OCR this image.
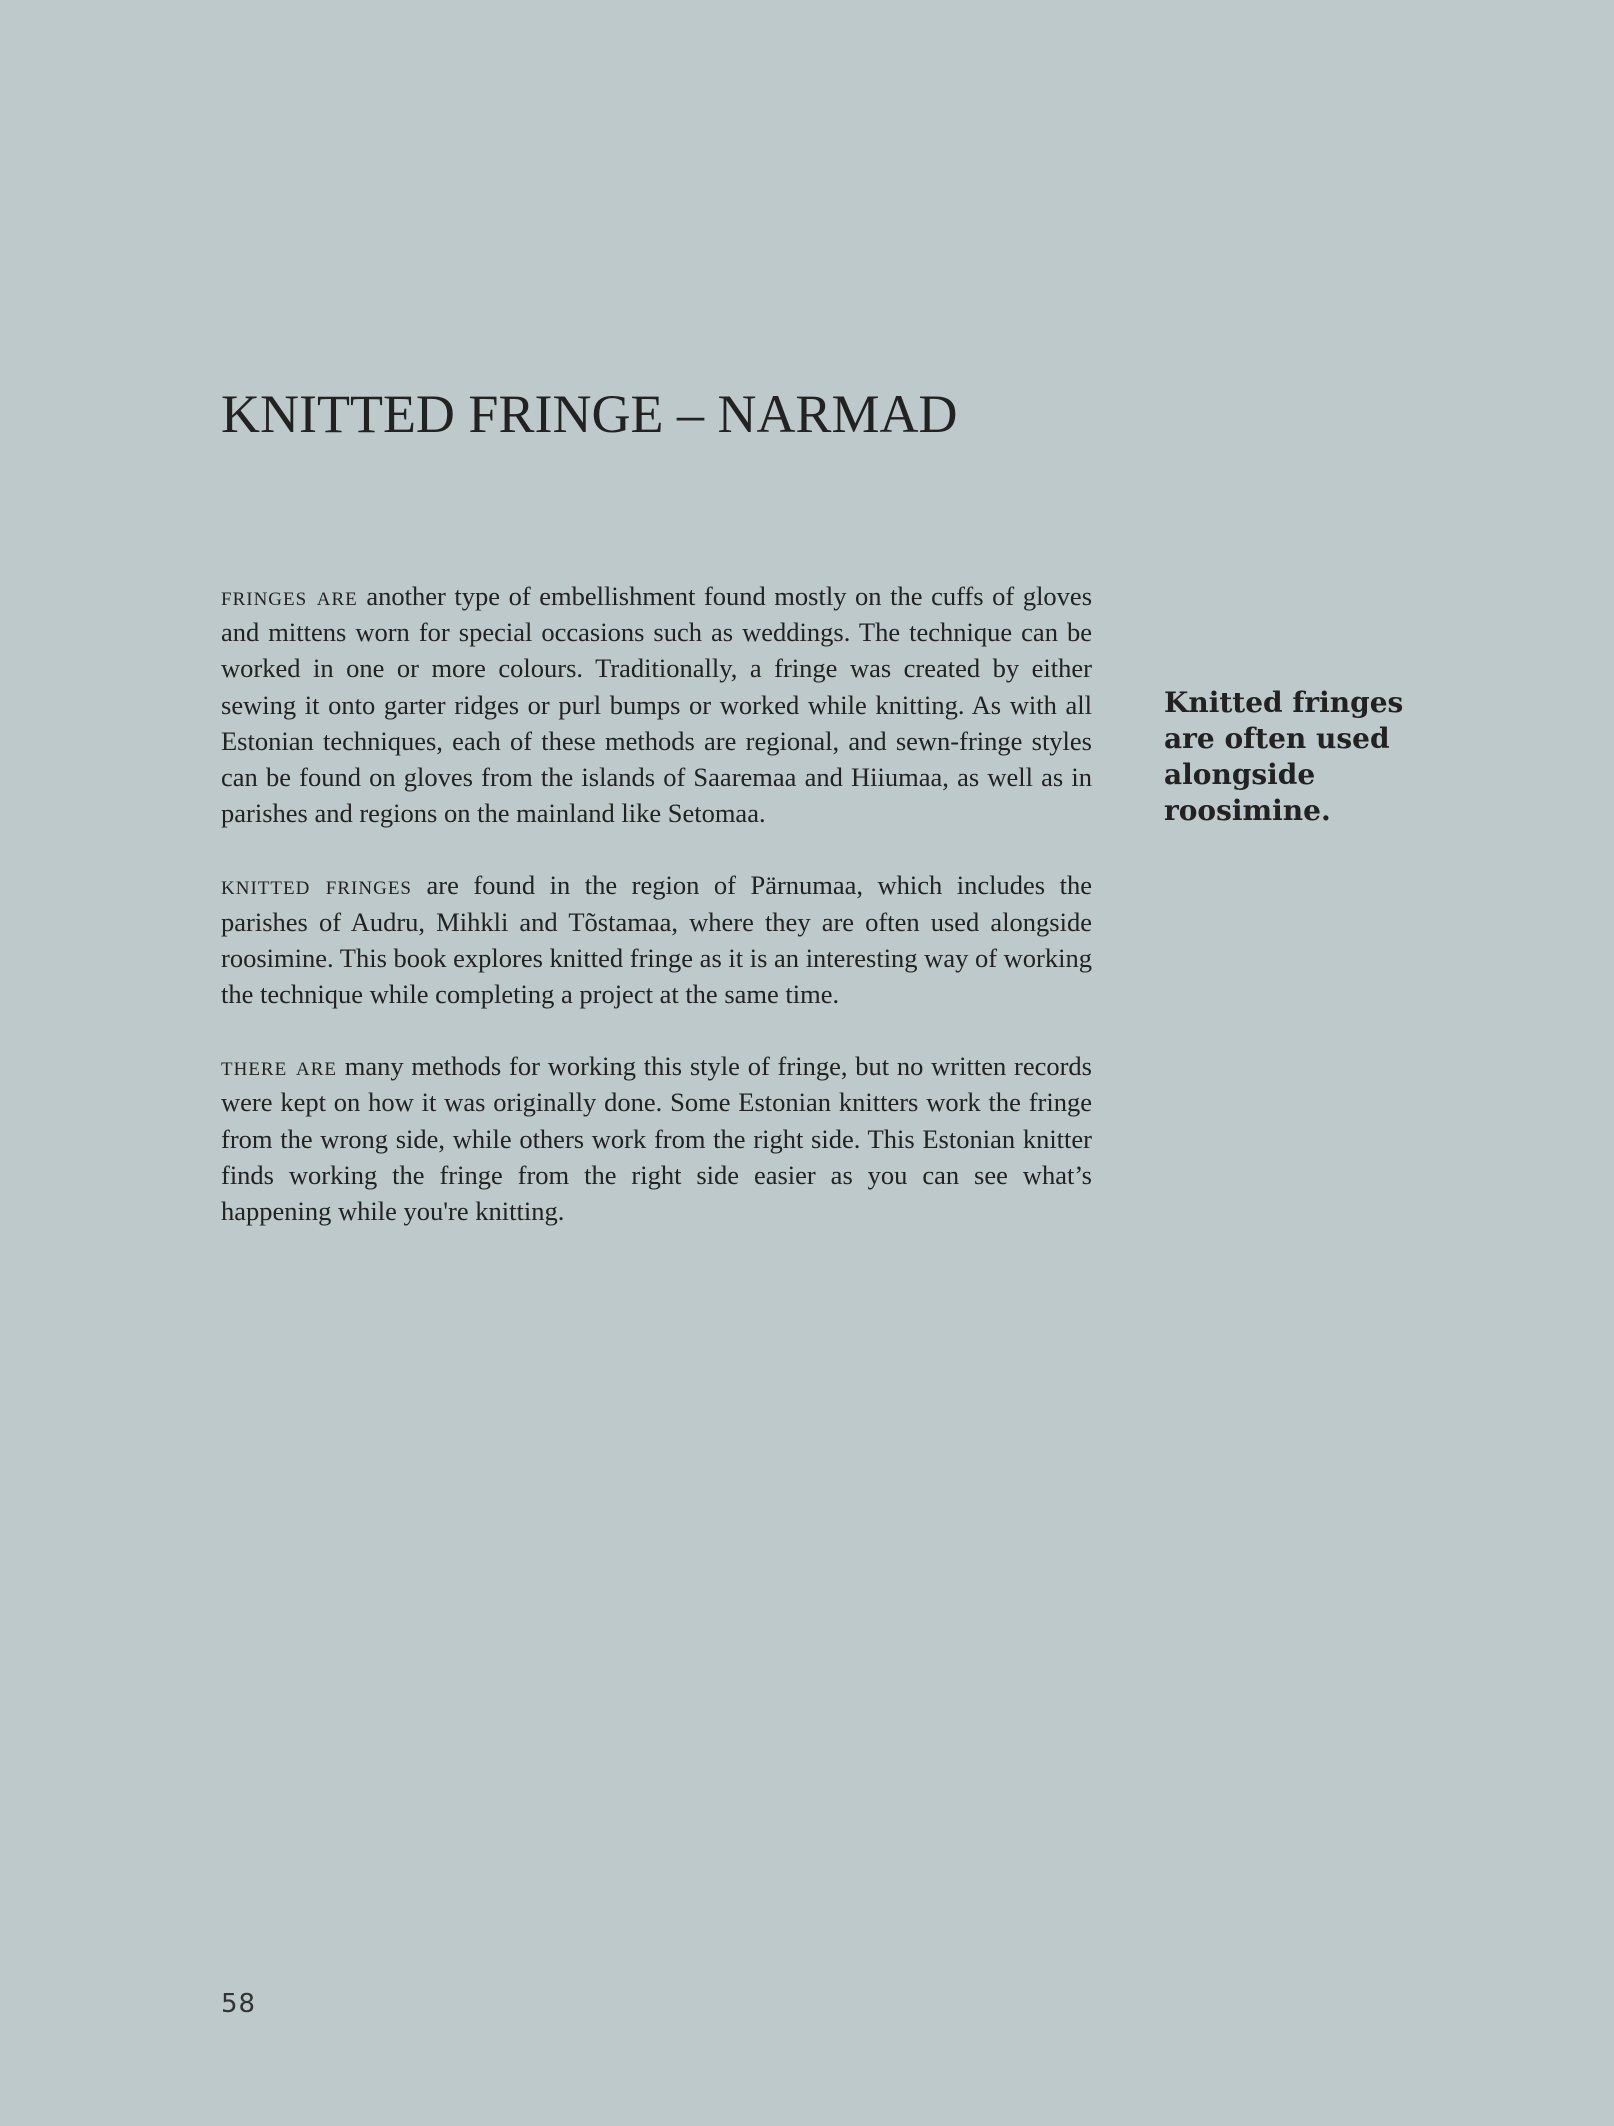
KNITTED FRINGE – NARMAD

fringes are another type of embellishment found mostly on the cuffs of gloves and mittens worn for special occasions such as weddings. The technique can be worked in one or more colours. Traditionally, a fringe was created by either sewing it onto garter ridges or purl bumps or worked while knitting. As with all Estonian techniques, each of these methods are regional, and sewn-fringe styles can be found on gloves from the islands of Saaremaa and Hiiumaa, as well as in parishes and regions on the mainland like Setomaa.

knitted fringes are found in the region of Pärnumaa, which includes the parishes of Audru, Mihkli and Tõstamaa, where they are often used alongside roosimine. This book explores knitted fringe as it is an interesting way of working the technique while completing a project at the same time.

there are many methods for working this style of fringe, but no written records were kept on how it was originally done. Some Estonian knitters work the fringe from the wrong side, while others work from the right side. This Estonian knitter finds working the fringe from the right side easier as you can see what’s happening while you're knitting.

Knitted fringes
are often used
alongside
roosimine.
58
